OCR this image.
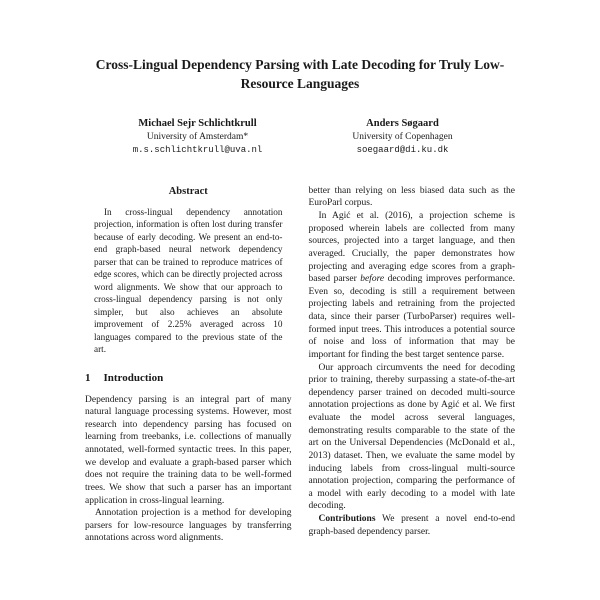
Cross-Lingual Dependency Parsing with Late Decoding for Truly Low-Resource Languages
Michael Sejr Schlichtkrull
University of Amsterdam*
m.s.schlichtkrull@uva.nl
Anders Søgaard
University of Copenhagen
soegaard@di.ku.dk
Abstract

In cross-lingual dependency annotation projection, information is often lost during transfer because of early decoding. We present an end-to-end graph-based neural network dependency parser that can be trained to reproduce matrices of edge scores, which can be directly projected across word alignments. We show that our approach to cross-lingual dependency parsing is not only simpler, but also achieves an absolute improvement of 2.25% averaged across 10 languages compared to the previous state of the art.

1 Introduction

Dependency parsing is an integral part of many natural language processing systems. However, most research into dependency parsing has focused on learning from treebanks, i.e. collections of manually annotated, well-formed syntactic trees. In this paper, we develop and evaluate a graph-based parser which does not require the training data to be well-formed trees. We show that such a parser has an important application in cross-lingual learning.

Annotation projection is a method for developing parsers for low-resource languages by transferring annotations across word alignments.

better than relying on less biased data such as the EuroParl corpus.

In Agić et al. (2016), a projection scheme is proposed wherein labels are collected from many sources, projected into a target language, and then averaged. Crucially, the paper demonstrates how projecting and averaging edge scores from a graph-based parser before decoding improves performance. Even so, decoding is still a requirement between projecting labels and retraining from the projected data, since their parser (TurboParser) requires well-formed input trees. This introduces a potential source of noise and loss of information that may be important for finding the best target sentence parse.

Our approach circumvents the need for decoding prior to training, thereby surpassing a state-of-the-art dependency parser trained on decoded multi-source annotation projections as done by Agić et al. We first evaluate the model across several languages, demonstrating results comparable to the state of the art on the Universal Dependencies (McDonald et al., 2013) dataset. Then, we evaluate the same model by inducing labels from cross-lingual multi-source annotation projection, comparing the performance of a model with early decoding to a model with late decoding.

Contributions We present a novel end-to-end graph-based dependency parser.
